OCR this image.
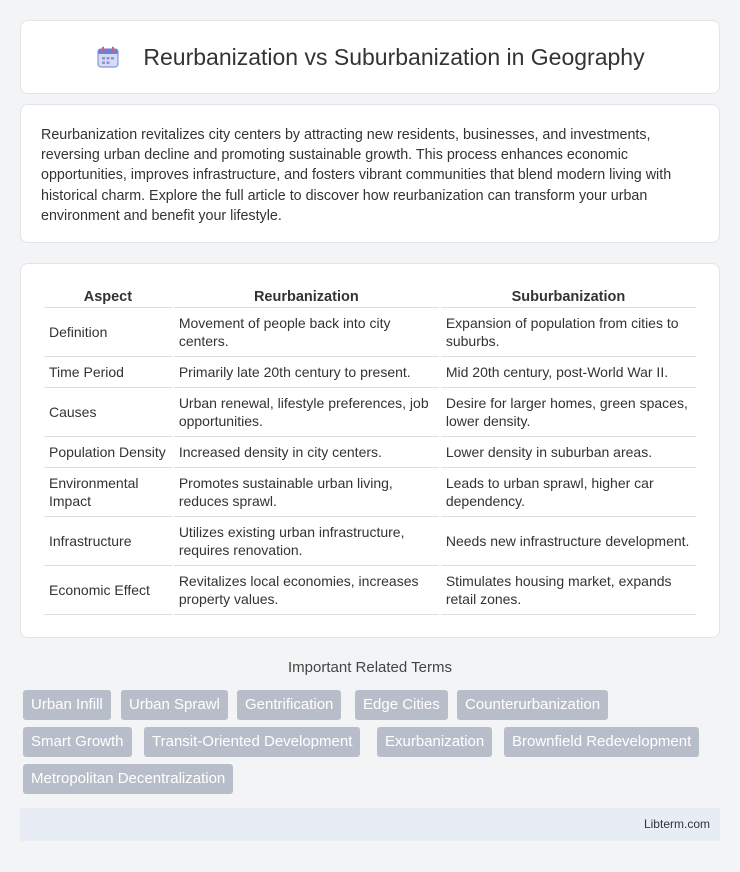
Reurbanization vs Suburbanization in Geography

Reurbanization revitalizes city centers by attracting new residents, businesses, and investments, reversing urban decline and promoting sustainable growth. This process enhances economic opportunities, improves infrastructure, and fosters vibrant communities that blend modern living with historical charm. Explore the full article to discover how reurbanization can transform your urban environment and benefit your lifestyle.

Aspect	Reurbanization	Suburbanization
Definition	Movement of people back into city centers.	Expansion of population from cities to suburbs.
Time Period	Primarily late 20th century to present.	Mid 20th century, post-World War II.
Causes	Urban renewal, lifestyle preferences, job opportunities.	Desire for larger homes, green spaces, lower density.
Population Density	Increased density in city centers.	Lower density in suburban areas.
Environmental Impact	Promotes sustainable urban living, reduces sprawl.	Leads to urban sprawl, higher car dependency.
Infrastructure	Utilizes existing urban infrastructure, requires renovation.	Needs new infrastructure development.
Economic Effect	Revitalizes local economies, increases property values.	Stimulates housing market, expands retail zones.
Important Related Terms
Urban Infill	Urban Sprawl	Gentrification	Edge Cities	Counterurbanization
Smart Growth	Transit-Oriented Development	Exurbanization	Brownfield Redevelopment
Metropolitan Decentralization
Libterm.com
